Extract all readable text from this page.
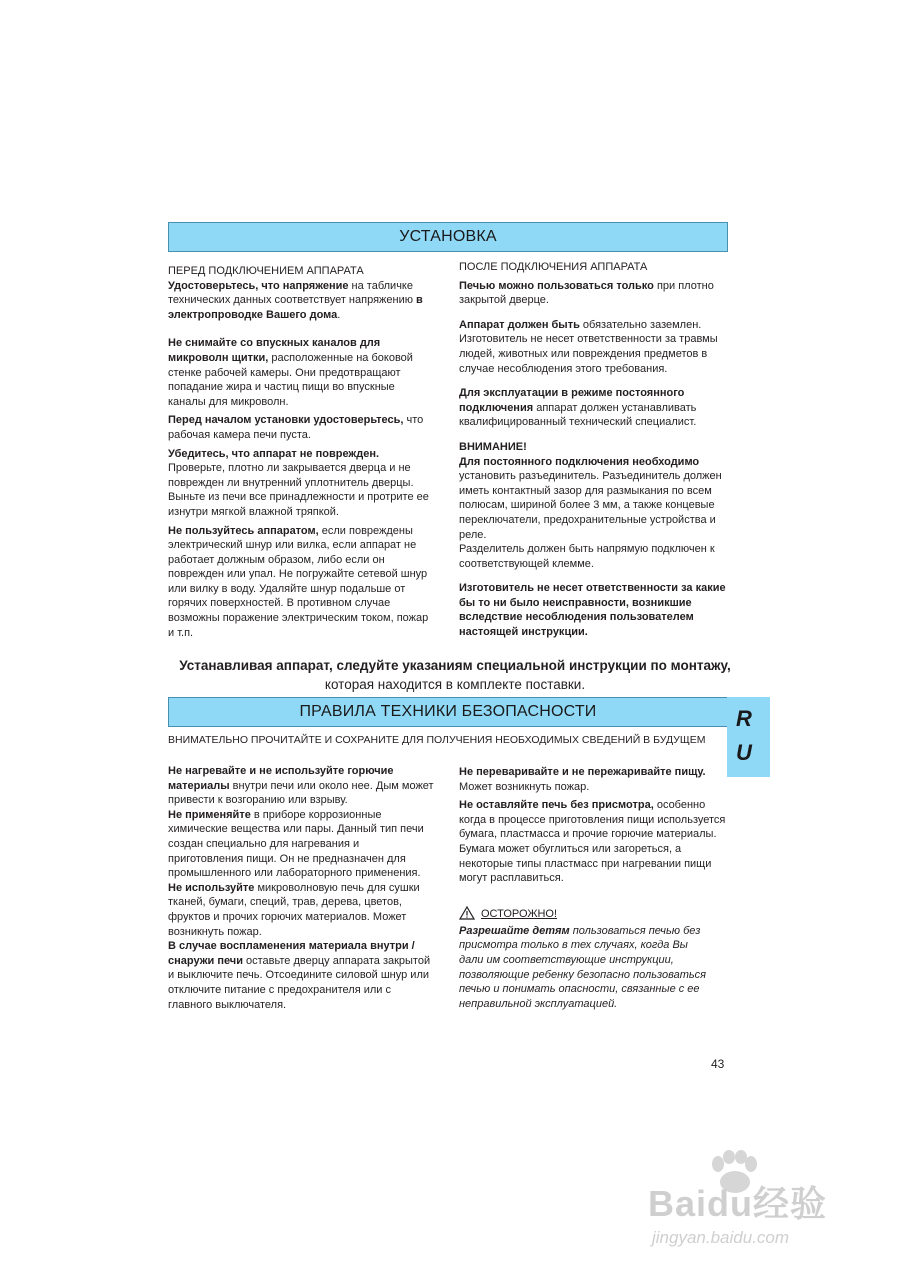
УСТАНОВКА

ПЕРЕД ПОДКЛЮЧЕНИЕМ АППАРАТА

Удостоверьтесь, что напряжение на табличке технических данных соответствует напряжению в электропроводке Вашего дома.

Не снимайте со впускных каналов для микроволн щитки, расположенные на боковой стенке рабочей камеры. Они предотвращают попадание жира и частиц пищи во впускные каналы для микроволн.

Перед началом установки удостоверьтесь, что рабочая камера печи пуста.

Убедитесь, что аппарат не поврежден. Проверьте, плотно ли закрывается дверца и не поврежден ли внутренний уплотнитель дверцы. Выньте из печи все принадлежности и протрите ее изнутри мягкой влажной тряпкой.

Не пользуйтесь аппаратом, если повреждены электрический шнур или вилка, если аппарат не работает должным образом, либо если он поврежден или упал. Не погружайте сетевой шнур или вилку в воду. Удаляйте шнур подальше от горячих поверхностей. В противном случае возможны поражение электрическим током, пожар и т.п.

ПОСЛЕ ПОДКЛЮЧЕНИЯ АППАРАТА

Печью можно пользоваться только при плотно закрытой дверце.

Аппарат должен быть обязательно заземлен. Изготовитель не несет ответственности за травмы людей, животных или повреждения предметов в случае несоблюдения этого требования.

Для эксплуатации в режиме постоянного подключения аппарат должен устанавливать квалифицированный технический специалист.

ВНИМАНИЕ!

Для постоянного подключения необходимо установить разъединитель. Разъединитель должен иметь контактный зазор для размыкания по всем полюсам, шириной более 3 мм, а также концевые переключатели, предохранительные устройства и реле.

Разделитель должен быть напрямую подключен к соответствующей клемме.

Изготовитель не несет ответственности за какие бы то ни было неисправности, возникшие вследствие несоблюдения пользователем настоящей инструкции.

Устанавливая аппарат, следуйте указаниям специальной инструкции по монтажу, которая находится в комплекте поставки.
ПРАВИЛА ТЕХНИКИ БЕЗОПАСНОСТИ	R
U
ВНИМАТЕЛЬНО ПРОЧИТАЙТЕ И СОХРАНИТЕ ДЛЯ ПОЛУЧЕНИЯ НЕОБХОДИМЫХ СВЕДЕНИЙ В БУДУЩЕМ

Не нагревайте и не используйте горючие материалы внутри печи или около нее. Дым может привести к возгоранию или взрыву.

Не применяйте в приборе коррозионные химические вещества или пары. Данный тип печи создан специально для нагревания и приготовления пищи. Он не предназначен для промышленного или лабораторного применения.

Не используйте микроволновую печь для сушки тканей, бумаги, специй, трав, дерева, цветов, фруктов и прочих горючих материалов. Может возникнуть пожар.

В случае воспламенения материала внутри / снаружи печи оставьте дверцу аппарата закрытой и выключите печь. Отсоедините силовой шнур или отключите питание с предохранителя или с главного выключателя.

Не переваривайте и не пережаривайте пищу. Может возникнуть пожар.

Не оставляйте печь без присмотра, особенно когда в процессе приготовления пищи используется бумага, пластмасса и прочие горючие материалы. Бумага может обуглиться или загореться, а некоторые типы пластмасс при нагревании пищи могут расплавиться.

ОСТОРОЖНО!

Разрешайте детям пользоваться печью без присмотра только в тех случаях, когда Вы дали им соответствующие инструкции, позволяющие ребенку безопасно пользоваться печью и понимать опасности, связанные с ее неправильной эксплуатацией.

43
Baidu经验
jingyan.baidu.com
